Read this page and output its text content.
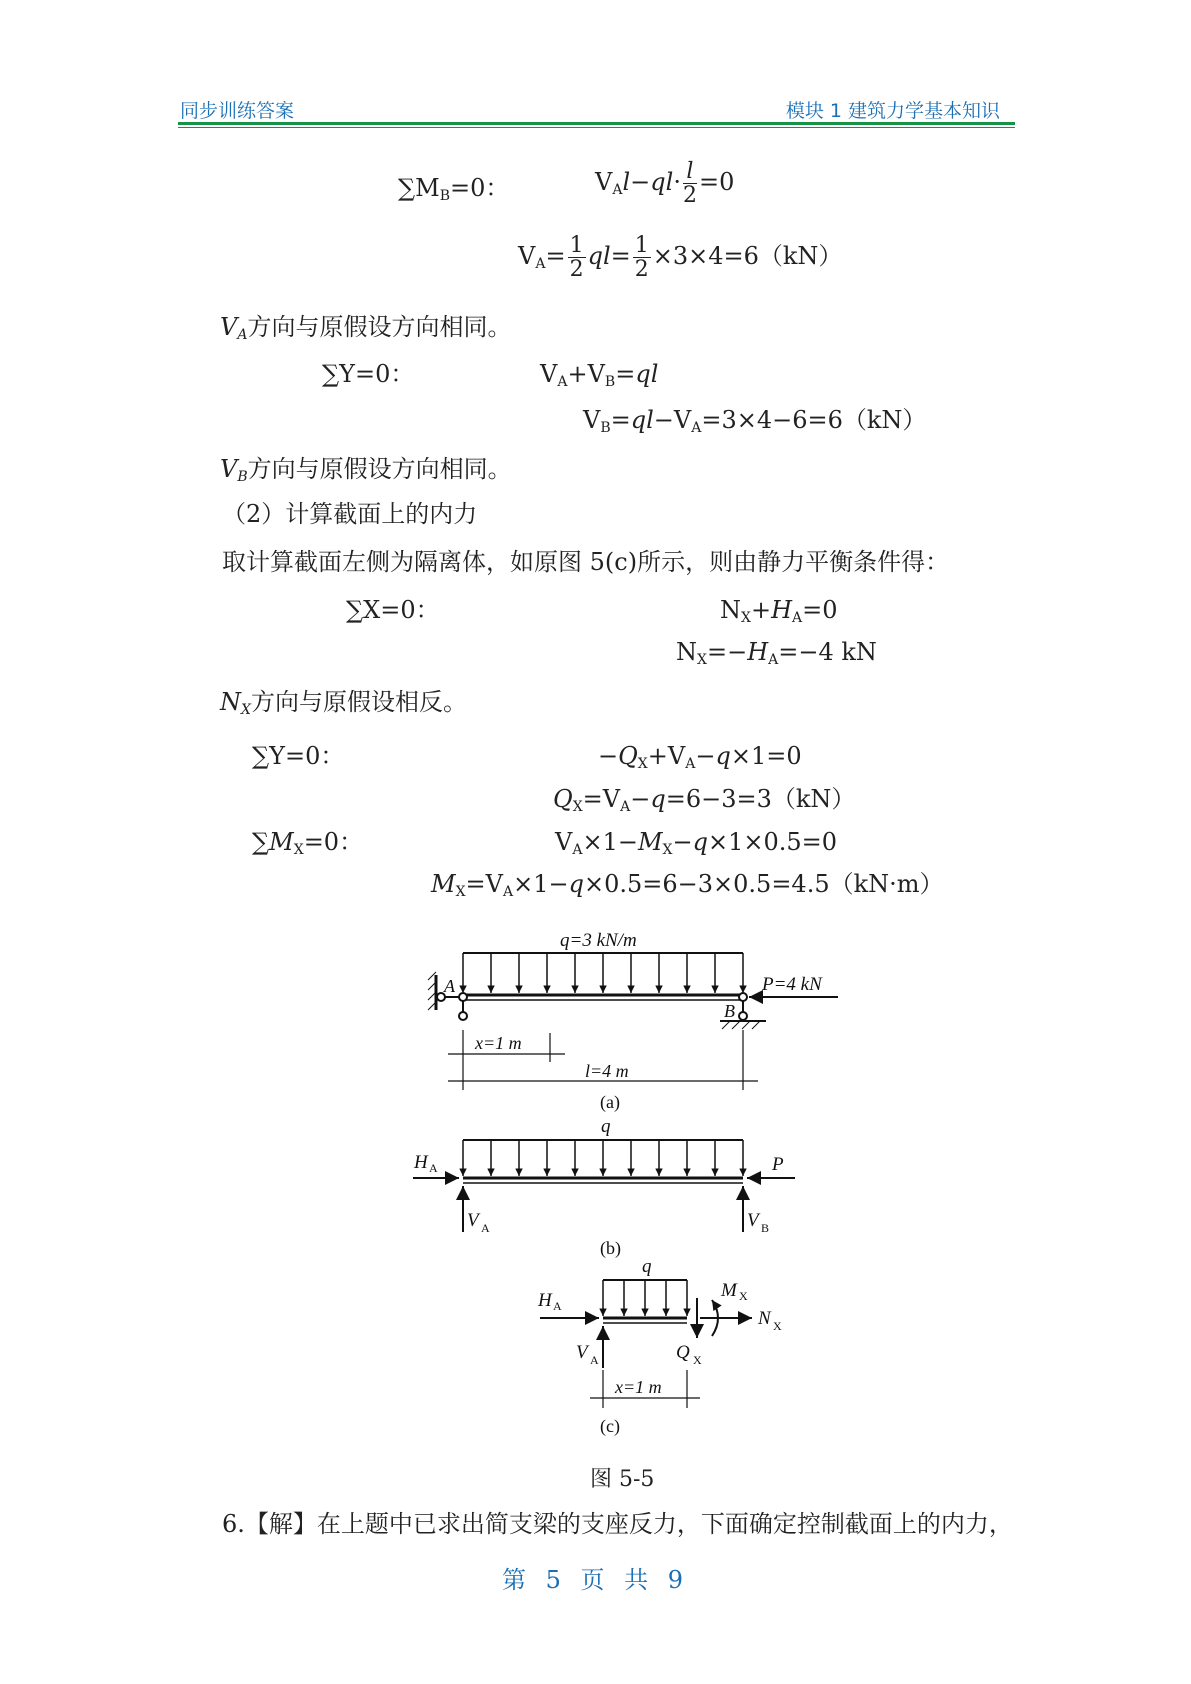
同步训练答案	模块 1 建筑力学基本知识
$\sum M_B=0$：	$V_Al-ql\cdot \frac{l}{2} =0$
$V_A= \frac{1}{2} ql= \frac{1}{2} \times 3\times 4=6(kN)$
$V_A$方向与原假设方向相同。
∑Y=0：	$V_A+V_B=ql$
$V_B=ql-V_A=3\times 4-6=6(kN)$
$V_B$方向与原假设方向相同。
（2）计算截面上的内力
取计算截面左侧为隔离体，如原图 5(c)所示，则由静力平衡条件得：
∑X=0：	$N_X+H_A=0$
$N_X=-H_A=-4$ kN
$N_X$方向与原假设相反。
∑Y=0：	$-Q_X+V_A-q\times 1=0$
$Q_X=V_A-q=6-3=3(kN)$
$\sum M_X=0$：	$V_A\times 1-M_X-q\times 1\times 0.5=0$
$M_X=V_A\times 1-q\times 0.5=6-3\times 0.5=4.5(kN\cdot m)$
q=3 kN/m
A
B
P=4 kN
x=1 m
l=4 m
(a)
q
H A	P
V A	V B
(b)
q
H A
V A	Q X
M X
N X
x=1 m
(c)
图 5-5
6.【解】在上题中已求出简支梁的支座反力，下面确定控制截面上的内力，
第 5 页 共 9
